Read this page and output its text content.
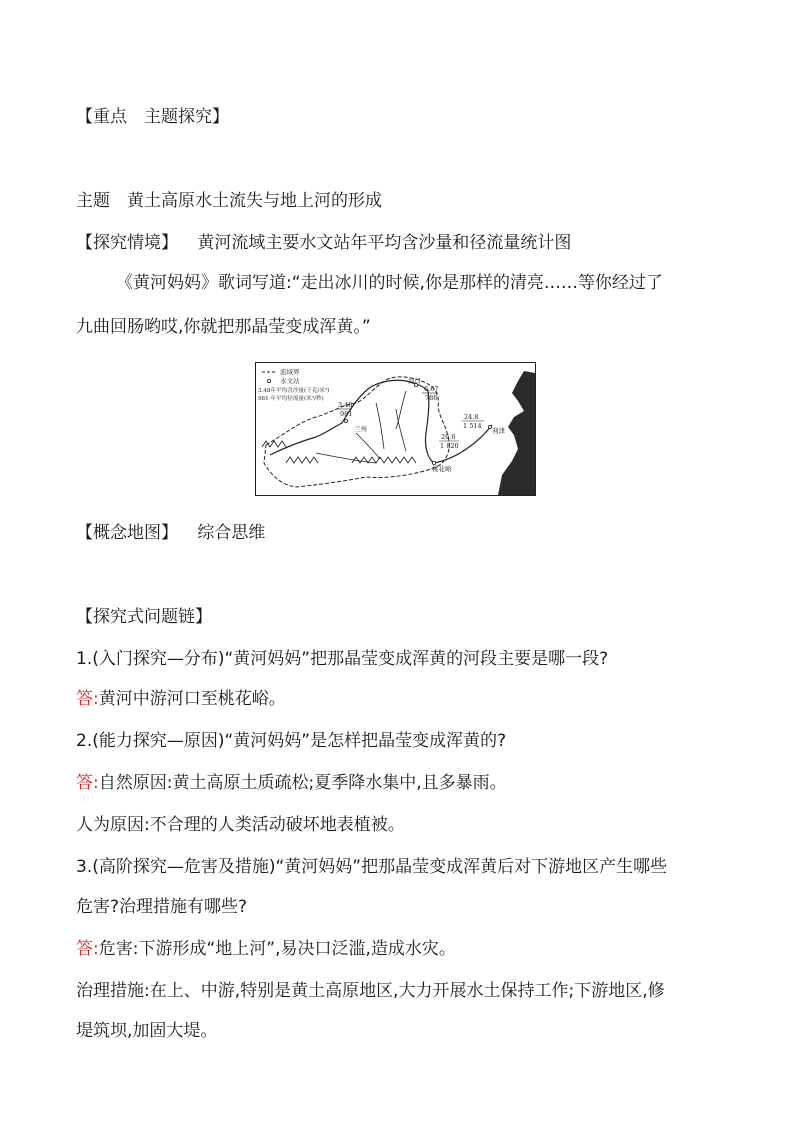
【重点　主题探究】
主题　黄土高原水土流失与地上河的形成
【探究情境】 黄河流域主要水文站年平均含沙量和径流量统计图
《黄河妈妈》歌词写道:“走出冰川的时候,你是那样的清亮……等你经过了
九曲回肠哟哎,你就把那晶莹变成浑黄。”
流域界
水文站
3.48年平均含沙量(千克/米³)
981 年平均径流量(米³/秒)
3.48
981
兰州
河口
6.67
786
桃花峪
26.6
1 820
利津
24.8
1 514
【概念地图】 综合思维
【探究式问题链】
1.(入门探究—分布)“黄河妈妈”把那晶莹变成浑黄的河段主要是哪一段?
答:黄河中游河口至桃花峪。
2.(能力探究—原因)“黄河妈妈”是怎样把晶莹变成浑黄的?
答:自然原因:黄土高原土质疏松;夏季降水集中,且多暴雨。
人为原因:不合理的人类活动破坏地表植被。
3.(高阶探究—危害及措施)“黄河妈妈”把那晶莹变成浑黄后对下游地区产生哪些
危害?治理措施有哪些?
答:危害:下游形成“地上河”,易决口泛滥,造成水灾。
治理措施:在上、中游,特别是黄土高原地区,大力开展水土保持工作;下游地区,修
堤筑坝,加固大堤。
